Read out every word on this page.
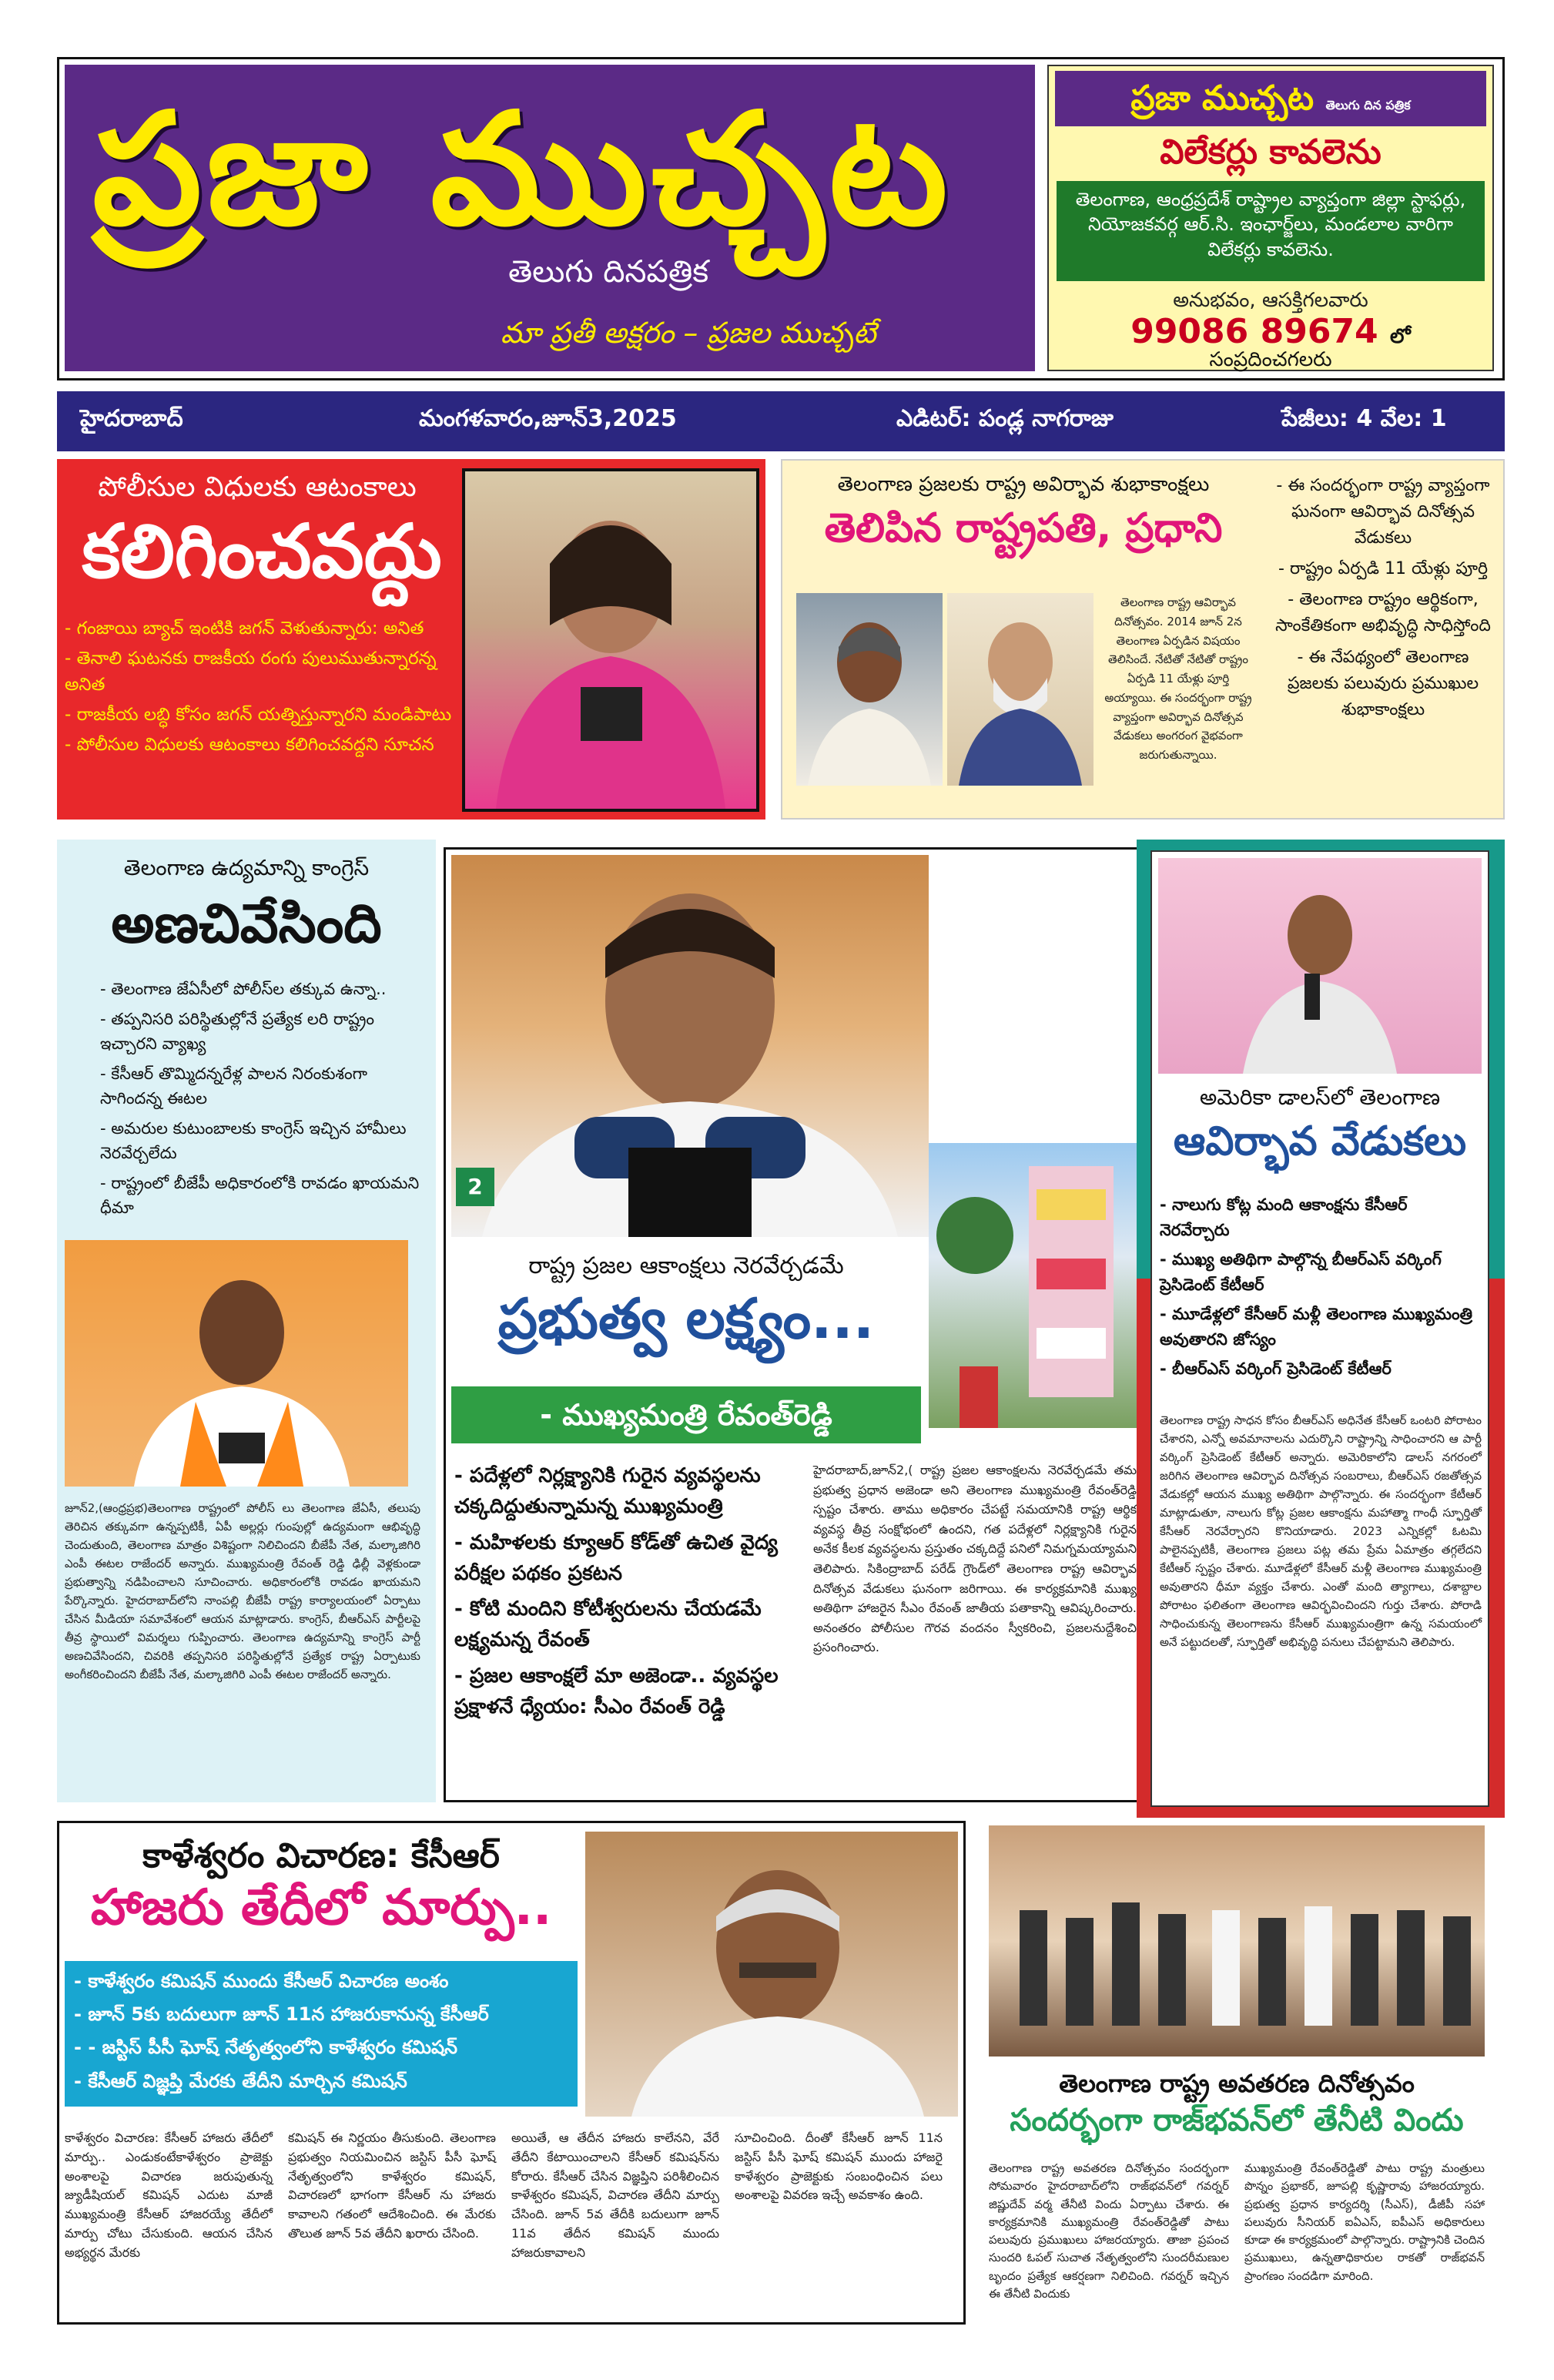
ప్రజా ముచ్చట
తెలుగు దినపత్రిక
మా ప్రతీ అక్షరం – ప్రజల ముచ్చటే
ప్రజా ముచ్చట తెలుగు దిన పత్రిక
విలేకర్లు కావలెను
తెలంగాణ, ఆంధ్రప్రదేశ్ రాష్ట్రాల వ్యాప్తంగా జిల్లా స్టాఫర్లు, నియోజకవర్గ ఆర్.సి. ఇంఛార్జ్‌లు, మండలాల వారిగా విలేకర్లు కావలెను.
అనుభవం, ఆసక్తిగలవారు
99086 89674 లో
సంప్రదించగలరు
హైదరాబాద్	మంగళవారం,జూన్3,2025	ఎడిటర్: పండ్ల నాగరాజు	పేజీలు: 4 వేల: 1
పోలీసుల విధులకు ఆటంకాలు
కలిగించవద్దు
- గంజాయి బ్యాచ్ ఇంటికి జగన్ వెళుతున్నారు: అనిత
- తెనాలి ఘటనకు రాజకీయ రంగు పులుముతున్నారన్న అనిత
- రాజకీయ లబ్ధి కోసం జగన్ యత్నిస్తున్నారని మండిపాటు
- పోలీసుల విధులకు ఆటంకాలు కలిగించవద్దని సూచన
తెలంగాణ ప్రజలకు రాష్ట్ర అవిర్భావ శుభాకాంక్షలు
తెలిపిన రాష్ట్రపతి, ప్రధాని
తెలంగాణ రాష్ట్ర ఆవిర్భావ దినోత్సవం. 2014 జూన్ 2న తెలంగాణ ఏర్పడిన విషయం తెలిసిందే. నేటితో నేటితో రాష్ట్రం ఏర్పడి 11 యేళ్లు పూర్తి అయ్యాయి. ఈ సందర్భంగా రాష్ట్ర వ్యాప్తంగా అవిర్భావ దినోత్సవ వేడుకలు అంగరంగ వైభవంగా జరుగుతున్నాయి.
- ఈ సందర్భంగా రాష్ట్ర వ్యాప్తంగా ఘనంగా ఆవిర్భావ దినోత్సవ వేడుకలు
- రాష్ట్రం ఏర్పడి 11 యేళ్లు పూర్తి
- తెలంగాణ రాష్ట్రం ఆర్థికంగా, సాంకేతికంగా అభివృద్ధి సాధిస్తోంది
- ఈ నేపథ్యంలో తెలంగాణ ప్రజలకు పలువురు ప్రముఖుల శుభాకాంక్షలు
తెలంగాణ ఉద్యమాన్ని కాంగ్రెస్
అణచివేసింది
- తెలంగాణ జేఏసీలో పోలీస్‌ల తక్కువ ఉన్నా..
- తప్పనిసరి పరిస్థితుల్లోనే ప్రత్యేక లరి రాష్ట్రం ఇచ్చారని వ్యాఖ్య
- కేసీఆర్ తొమ్మిదన్నరేళ్ల పాలన నిరంకుశంగా సాగిందన్న ఈటల
- అమరుల కుటుంబాలకు కాంగ్రెస్ ఇచ్చిన హామీలు నెరవేర్చలేదు
- రాష్ట్రంలో బీజేపీ అధికారంలోకి రావడం ఖాయమని ధీమా
జూన్2,(ఆంధ్రప్రభ)తెలంగాణ రాష్ట్రంలో పోలీస్ లు తెలంగాణ జేఏసీ, తలుపు తెరిచిన తక్కువగా ఉన్నప్పటికీ, ఏపీ అల్లర్లు గుంపుల్లో ఉద్యమంగా ఆభివృద్ధి చెందుతుంది, తెలంగాణ మాత్రం విశిష్టంగా నిలిచిందని బీజేపీ నేత, మల్కాజిగిరి ఎంపీ ఈటల రాజేందర్ అన్నారు. ముఖ్యమంత్రి రేవంత్ రెడ్డి ఢిల్లీ వెళ్లకుండా ప్రభుత్వాన్ని నడిపించాలని సూచించారు. అధికారంలోకి రావడం ఖాయమని పేర్కొన్నారు. హైదరాబాద్‌లోని నాంపల్లి బీజేపీ రాష్ట్ర కార్యాలయంలో ఏర్పాటు చేసిన మీడియా సమావేశంలో ఆయన మాట్లాడారు. కాంగ్రెస్, బీఆర్ఎస్ పార్టీలపై తీవ్ర స్థాయిలో విమర్శలు గుప్పించారు. తెలంగాణ ఉద్యమాన్ని కాంగ్రెస్ పార్టీ అణచివేసిందని, చివరికి తప్పనిసరి పరిస్థితుల్లోనే ప్రత్యేక రాష్ట్ర ఏర్పాటుకు అంగీకరించిందని బీజేపీ నేత, మల్కాజిగిరి ఎంపీ ఈటల రాజేందర్ అన్నారు.
2
రాష్ట్ర ప్రజల ఆకాంక్షలు నెరవేర్చడమే
ప్రభుత్వ లక్ష్యం...
- ముఖ్యమంత్రి రేవంత్‌రెడ్డి
- పదేళ్లలో నిర్లక్ష్యానికి గురైన వ్యవస్థలను చక్కదిద్దుతున్నామన్న ముఖ్యమంత్రి
- మహిళలకు క్యూఆర్ కోడ్‌తో ఉచిత వైద్య పరీక్షల పథకం ప్రకటన
- కోటి మందిని కోటీశ్వరులను చేయడమే లక్ష్యమన్న రేవంత్
- ప్రజల ఆకాంక్షలే మా అజెండా.. వ్యవస్థల ప్రక్షాళనే ధ్యేయం: సీఎం రేవంత్ రెడ్డి
హైదరాబాద్,జూన్2,( రాష్ట్ర ప్రజల ఆకాంక్షలను నెరవేర్చడమే తమ ప్రభుత్వ ప్రధాన అజెండా అని తెలంగాణ ముఖ్యమంత్రి రేవంత్‌రెడ్డి స్పష్టం చేశారు. తాము అధికారం చేపట్టే సమయానికి రాష్ట్ర ఆర్థిక వ్యవస్థ తీవ్ర సంక్షోభంలో ఉందని, గత పదేళ్లలో నిర్లక్ష్యానికి గురైన అనేక కీలక వ్యవస్థలను ప్రస్తుతం చక్కదిద్దే పనిలో నిమగ్నమయ్యామని తెలిపారు. సికింద్రాబాద్ పరేడ్ గ్రౌండ్‌లో తెలంగాణ రాష్ట్ర ఆవిర్భావ దినోత్సవ వేడుకలు ఘనంగా జరిగాయి. ఈ కార్యక్రమానికి ముఖ్య అతిథిగా హాజరైన సీఎం రేవంత్ జాతీయ పతాకాన్ని ఆవిష్కరించారు. అనంతరం పోలీసుల గౌరవ వందనం స్వీకరించి, ప్రజలనుద్దేశించి ప్రసంగించారు.
అమెరికా డాలస్‌లో తెలంగాణ
ఆవిర్భావ వేడుకలు
- నాలుగు కోట్ల మంది ఆకాంక్షను కేసీఆర్ నెరవేర్చారు
- ముఖ్య అతిథిగా పాల్గొన్న బీఆర్ఎస్ వర్కింగ్ ప్రెసిడెంట్ కేటీఆర్
- మూడేళ్లలో కేసీఆర్ మళ్లీ తెలంగాణ ముఖ్యమంత్రి అవుతారని జోస్యం
- బీఆర్ఎస్ వర్కింగ్ ప్రెసిడెంట్ కేటీఆర్
తెలంగాణ రాష్ట్ర సాధన కోసం బీఆర్ఎస్ అధినేత కేసీఆర్ ఒంటరి పోరాటం చేశారని, ఎన్నో అవమానాలను ఎదుర్కొని రాష్ట్రాన్ని సాధించారని ఆ పార్టీ వర్కింగ్ ప్రెసిడెంట్ కేటీఆర్ అన్నారు. అమెరికాలోని డాలస్ నగరంలో జరిగిన తెలంగాణ ఆవిర్భావ దినోత్సవ సంబరాలు, బీఆర్ఎస్ రజతోత్సవ వేడుకల్లో ఆయన ముఖ్య అతిథిగా పాల్గొన్నారు. ఈ సందర్భంగా కేటీఆర్ మాట్లాడుతూ, నాలుగు కోట్ల ప్రజల ఆకాంక్షను మహాత్మా గాంధీ స్ఫూర్తితో కేసీఆర్ నెరవేర్చారని కొనియాడారు. 2023 ఎన్నికల్లో ఓటమి పాలైనప్పటికీ, తెలంగాణ ప్రజలు పట్ల తమ ప్రేమ ఏమాత్రం తగ్గలేదని కేటీఆర్ స్పష్టం చేశారు. మూడేళ్లలో కేసీఆర్ మళ్లీ తెలంగాణ ముఖ్యమంత్రి అవుతారని ధీమా వ్యక్తం చేశారు. ఎంతో మంది త్యాగాలు, దశాబ్దాల పోరాటం ఫలితంగా తెలంగాణ ఆవిర్భవించిందని గుర్తు చేశారు. పోరాడి సాధించుకున్న తెలంగాణను కేసీఆర్ ముఖ్యమంత్రిగా ఉన్న సమయంలో అనే పట్టుదలతో, స్ఫూర్తితో అభివృద్ధి పనులు చేపట్టామని తెలిపారు.
కాళేశ్వరం విచారణ: కేసీఆర్
హాజరు తేదీలో మార్పు..
- కాళేశ్వరం కమిషన్ ముందు కేసీఆర్ విచారణ అంశం
- జూన్ 5కు బదులుగా జూన్ 11న హాజరుకానున్న కేసీఆర్
- - జస్టిస్ పీసీ ఘోష్ నేతృత్వంలోని కాళేశ్వరం కమిషన్
- కేసీఆర్ విజ్ఞప్తి మేరకు తేదీని మార్చిన కమిషన్
కాళేశ్వరం విచారణ: కేసీఆర్ హాజరు తేదీలో మార్పు.. ఎండుకంటేకాళేశ్వరం ప్రాజెక్టు అంశాలపై విచారణ జరుపుతున్న జ్యుడీషియల్ కమిషన్ ఎదుట మాజీ ముఖ్యమంత్రి కేసీఆర్ హాజరయ్యే తేదీలో మార్పు చోటు చేసుకుంది. ఆయన చేసిన అభ్యర్థన మేరకు
కమిషన్ ఈ నిర్ణయం తీసుకుంది. తెలంగాణ ప్రభుత్వం నియమించిన జస్టిస్ పీసీ ఘోష్ నేతృత్వంలోని కాళేశ్వరం కమిషన్, విచారణలో భాగంగా కేసీఆర్ ను హాజరు కావాలని గతంలో ఆదేశించింది. ఈ మేరకు తొలుత జూన్ 5వ తేదీని ఖరారు చేసింది.
అయితే, ఆ తేదీన హాజరు కాలేనని, వేరే తేదీని కేటాయించాలని కేసీఆర్ కమిషన్‌ను కోరారు. కేసీఆర్ చేసిన విజ్ఞప్తిని పరిశీలించిన కాళేశ్వరం కమిషన్, విచారణ తేదీని మార్పు చేసింది. జూన్ 5వ తేదీకి బదులుగా జూన్ 11వ తేదీన కమిషన్ ముందు హాజరుకావాలని
సూచించింది. దీంతో కేసీఆర్ జూన్ 11న జస్టిస్ పీసీ ఘోష్ కమిషన్ ముందు హాజరై కాళేశ్వరం ప్రాజెక్టుకు సంబంధించిన పలు అంశాలపై వివరణ ఇచ్చే అవకాశం ఉంది.
తెలంగాణ రాష్ట్ర అవతరణ దినోత్సవం
సందర్భంగా రాజ్‌భవన్‌లో తేనీటి విందు
తెలంగాణ రాష్ట్ర అవతరణ దినోత్సవం సందర్భంగా సోమవారం హైదరాబాద్‌లోని రాజ్‌భవన్‌లో గవర్నర్ జిష్ణుదేవ్ వర్మ తేనీటి విందు ఏర్పాటు చేశారు. ఈ కార్యక్రమానికి ముఖ్యమంత్రి రేవంత్‌రెడ్డితో పాటు పలువురు ప్రముఖులు హాజరయ్యారు. తాజా ప్రపంచ సుందరి ఓపల్ సుచాత నేతృత్వంలోని సుందరీమణుల బృందం ప్రత్యేక ఆకర్షణగా నిలిచింది. గవర్నర్ ఇచ్చిన ఈ తేనీటి విందుకు
ముఖ్యమంత్రి రేవంత్‌రెడ్డితో పాటు రాష్ట్ర మంత్రులు పొన్నం ప్రభాకర్, జూపల్లి కృష్ణారావు హాజరయ్యారు. ప్రభుత్వ ప్రధాన కార్యదర్శి (సీఎస్), డీజీపీ సహా పలువురు సీనియర్ ఐఏఎస్, ఐపీఎస్ అధికారులు కూడా ఈ కార్యక్రమంలో పాల్గొన్నారు. రాష్ట్రానికి చెందిన ప్రముఖులు, ఉన్నతాధికారుల రాకతో రాజ్‌భవన్ ప్రాంగణం సందడిగా మారింది.
